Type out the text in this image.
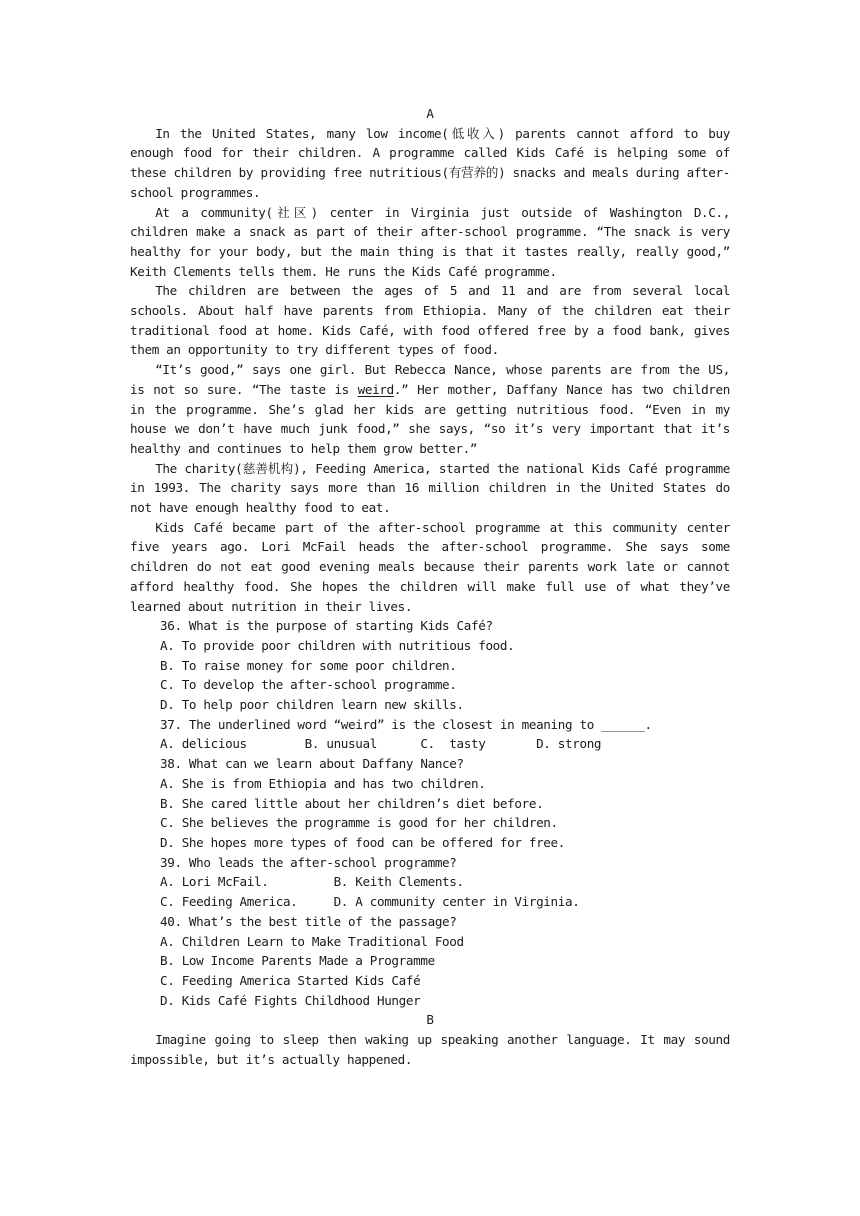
A

In the United States, many low income(低收入) parents cannot afford to buy enough food for their children. A programme called Kids Café is helping some of these children by providing free nutritious(有营养的) snacks and meals during after-school programmes.

At a community(社区) center in Virginia just outside of Washington D.C., children make a snack as part of their after-school programme. “The snack is very healthy for your body, but the main thing is that it tastes really, really good,” Keith Clements tells them. He runs the Kids Café programme.

The children are between the ages of 5 and 11 and are from several local schools. About half have parents from Ethiopia. Many of the children eat their traditional food at home. Kids Café, with food offered free by a food bank, gives them an opportunity to try different types of food.

“It’s good,” says one girl. But Rebecca Nance, whose parents are from the US, is not so sure. “The taste is weird.” Her mother, Daffany Nance has two children in the programme. She’s glad her kids are getting nutritious food. “Even in my house we don’t have much junk food,” she says, “so it’s very important that it’s healthy and continues to help them grow better.”

The charity(慈善机构), Feeding America, started the national Kids Café programme in 1993. The charity says more than 16 million children in the United States do not have enough healthy food to eat.

Kids Café became part of the after-school programme at this community center five years ago. Lori McFail heads the after-school programme. She says some children do not eat good evening meals because their parents work late or cannot afford healthy food. She hopes the children will make full use of what they’ve learned about nutrition in their lives.

36. What is the purpose of starting Kids Café?

A. To provide poor children with nutritious food.

B. To raise money for some poor children.

C. To develop the after-school programme.

D. To help poor children learn new skills.

37. The underlined word “weird” is the closest in meaning to ______.

A. delicious        B. unusual      C.  tasty       D. strong

38. What can we learn about Daffany Nance?

A. She is from Ethiopia and has two children.

B. She cared little about her children’s diet before.

C. She believes the programme is good for her children.

D. She hopes more types of food can be offered for free.

39. Who leads the after-school programme?

A. Lori McFail.         B. Keith Clements.

C. Feeding America.     D. A community center in Virginia.

40. What’s the best title of the passage?

A. Children Learn to Make Traditional Food

B. Low Income Parents Made a Programme

C. Feeding America Started Kids Café

D. Kids Café Fights Childhood Hunger

B

Imagine going to sleep then waking up speaking another language. It may sound impossible, but it’s actually happened.
